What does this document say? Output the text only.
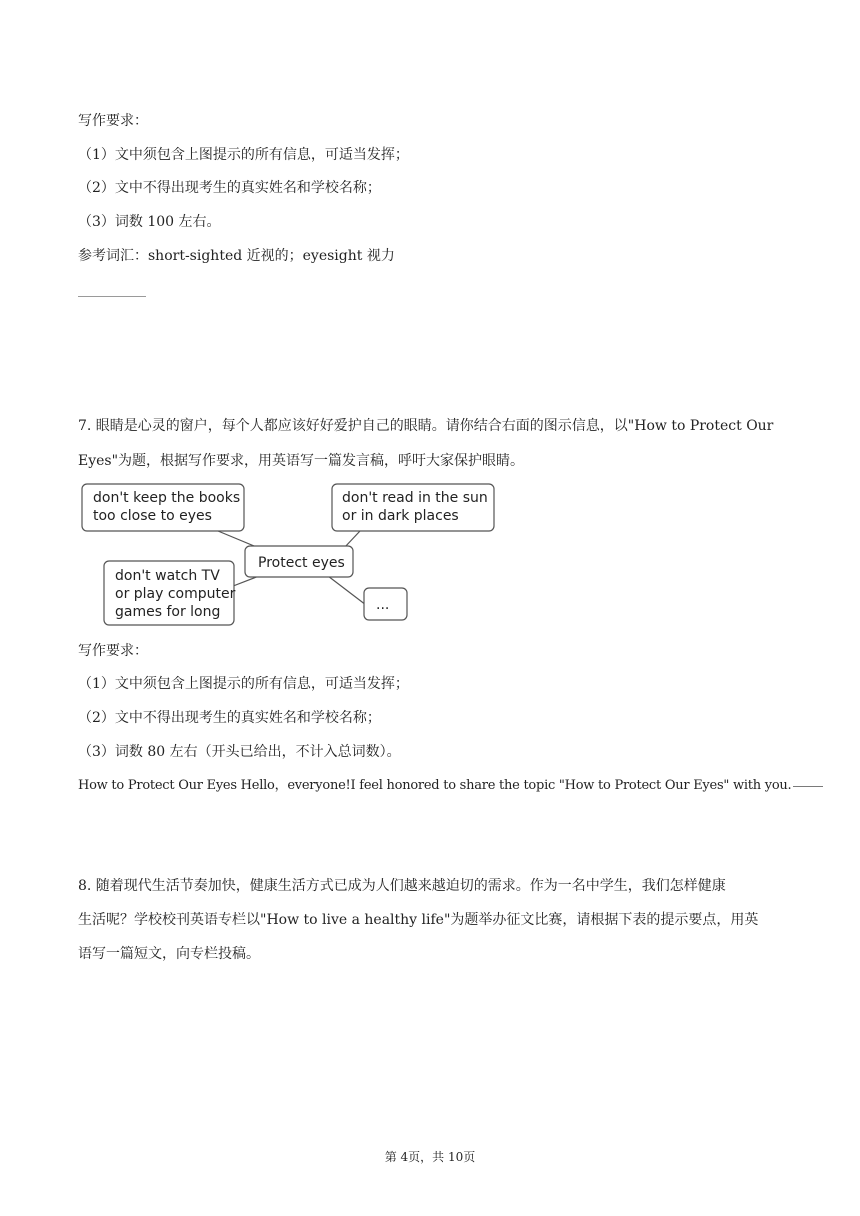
写作要求：
（1）文中须包含上图提示的所有信息，可适当发挥；
（2）文中不得出现考生的真实姓名和学校名称；
（3）词数 100 左右。
参考词汇：short-sighted 近视的；eyesight 视力
7. 眼睛是心灵的窗户，每个人都应该好好爱护自己的眼睛。请你结合右面的图示信息，以"How to Protect Our
Eyes"为题，根据写作要求，用英语写一篇发言稿，呼吁大家保护眼睛。
don't keep the books
too close to eyes
don't read in the sun
or in dark places
Protect eyes
don't watch TV
or play computer
games for long	...
写作要求：
（1）文中须包含上图提示的所有信息，可适当发挥；
（2）文中不得出现考生的真实姓名和学校名称；
（3）词数 80 左右（开头已给出，不计入总词数）。
How to Protect Our Eyes Hello，everyone!I feel honored to share the topic "How to Protect Our Eyes" with you.
8. 随着现代生活节奏加快，健康生活方式已成为人们越来越迫切的需求。作为一名中学生，我们怎样健康
生活呢？学校校刊英语专栏以"How to live a healthy life"为题举办征文比赛，请根据下表的提示要点，用英
语写一篇短文，向专栏投稿。
第 4页，共 10页
